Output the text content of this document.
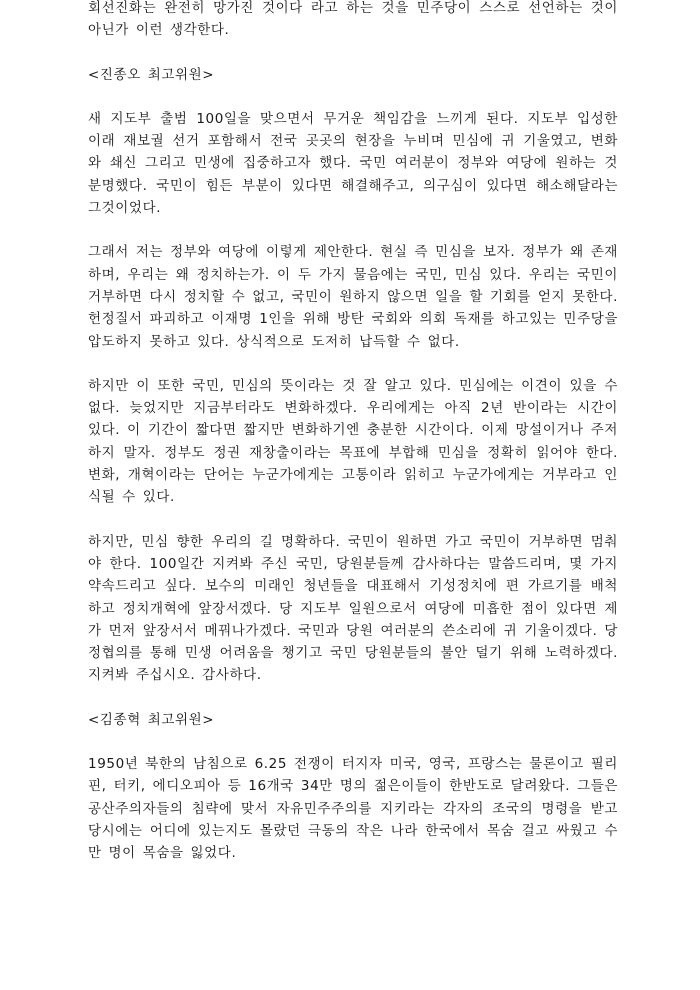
회선진화는 완전히 망가진 것이다 라고 하는 것을 민주당이 스스로 선언하는 것이 아닌가 이런 생각한다.

<진종오 최고위원>

새 지도부 출범 100일을 맞으면서 무거운 책임감을 느끼게 된다. 지도부 입성한 이래 재보궐 선거 포함해서 전국 곳곳의 현장을 누비며 민심에 귀 기울였고, 변화와 쇄신 그리고 민생에 집중하고자 했다. 국민 여러분이 정부와 여당에 원하는 것 분명했다. 국민이 힘든 부분이 있다면 해결해주고, 의구심이 있다면 해소해달라는 그것이었다.

그래서 저는 정부와 여당에 이렇게 제안한다. 현실 즉 민심을 보자. 정부가 왜 존재하며, 우리는 왜 정치하는가. 이 두 가지 물음에는 국민, 민심 있다. 우리는 국민이 거부하면 다시 정치할 수 없고, 국민이 원하지 않으면 일을 할 기회를 얻지 못한다. 헌정질서 파괴하고 이재명 1인을 위해 방탄 국회와 의회 독재를 하고있는 민주당을 압도하지 못하고 있다. 상식적으로 도저히 납득할 수 없다.

하지만 이 또한 국민, 민심의 뜻이라는 것 잘 알고 있다. 민심에는 이견이 있을 수 없다. 늦었지만 지금부터라도 변화하겠다. 우리에게는 아직 2년 반이라는 시간이 있다. 이 기간이 짧다면 짧지만 변화하기엔 충분한 시간이다. 이제 망설이거나 주저하지 말자. 정부도 정권 재창출이라는 목표에 부합해 민심을 정확히 읽어야 한다. 변화, 개혁이라는 단어는 누군가에게는 고통이라 읽히고 누군가에게는 거부라고 인식될 수 있다.

하지만, 민심 향한 우리의 길 명확하다. 국민이 원하면 가고 국민이 거부하면 멈춰야 한다. 100일간 지켜봐 주신 국민, 당원분들께 감사하다는 말씀드리며, 몇 가지 약속드리고 싶다. 보수의 미래인 청년들을 대표해서 기성정치에 편 가르기를 배척하고 정치개혁에 앞장서겠다. 당 지도부 일원으로서 여당에 미흡한 점이 있다면 제가 먼저 앞장서서 메꿔나가겠다. 국민과 당원 여러분의 쓴소리에 귀 기울이겠다. 당정협의를 통해 민생 어려움을 챙기고 국민 당원분들의 불안 덜기 위해 노력하겠다. 지켜봐 주십시오. 감사하다.

<김종혁 최고위원>

1950년 북한의 남침으로 6.25 전쟁이 터지자 미국, 영국, 프랑스는 물론이고 필리핀, 터키, 에디오피아 등 16개국 34만 명의 젊은이들이 한반도로 달려왔다. 그들은 공산주의자들의 침략에 맞서 자유민주주의를 지키라는 각자의 조국의 명령을 받고 당시에는 어디에 있는지도 몰랐던 극동의 작은 나라 한국에서 목숨 걸고 싸웠고 수만 명이 목숨을 잃었다.
